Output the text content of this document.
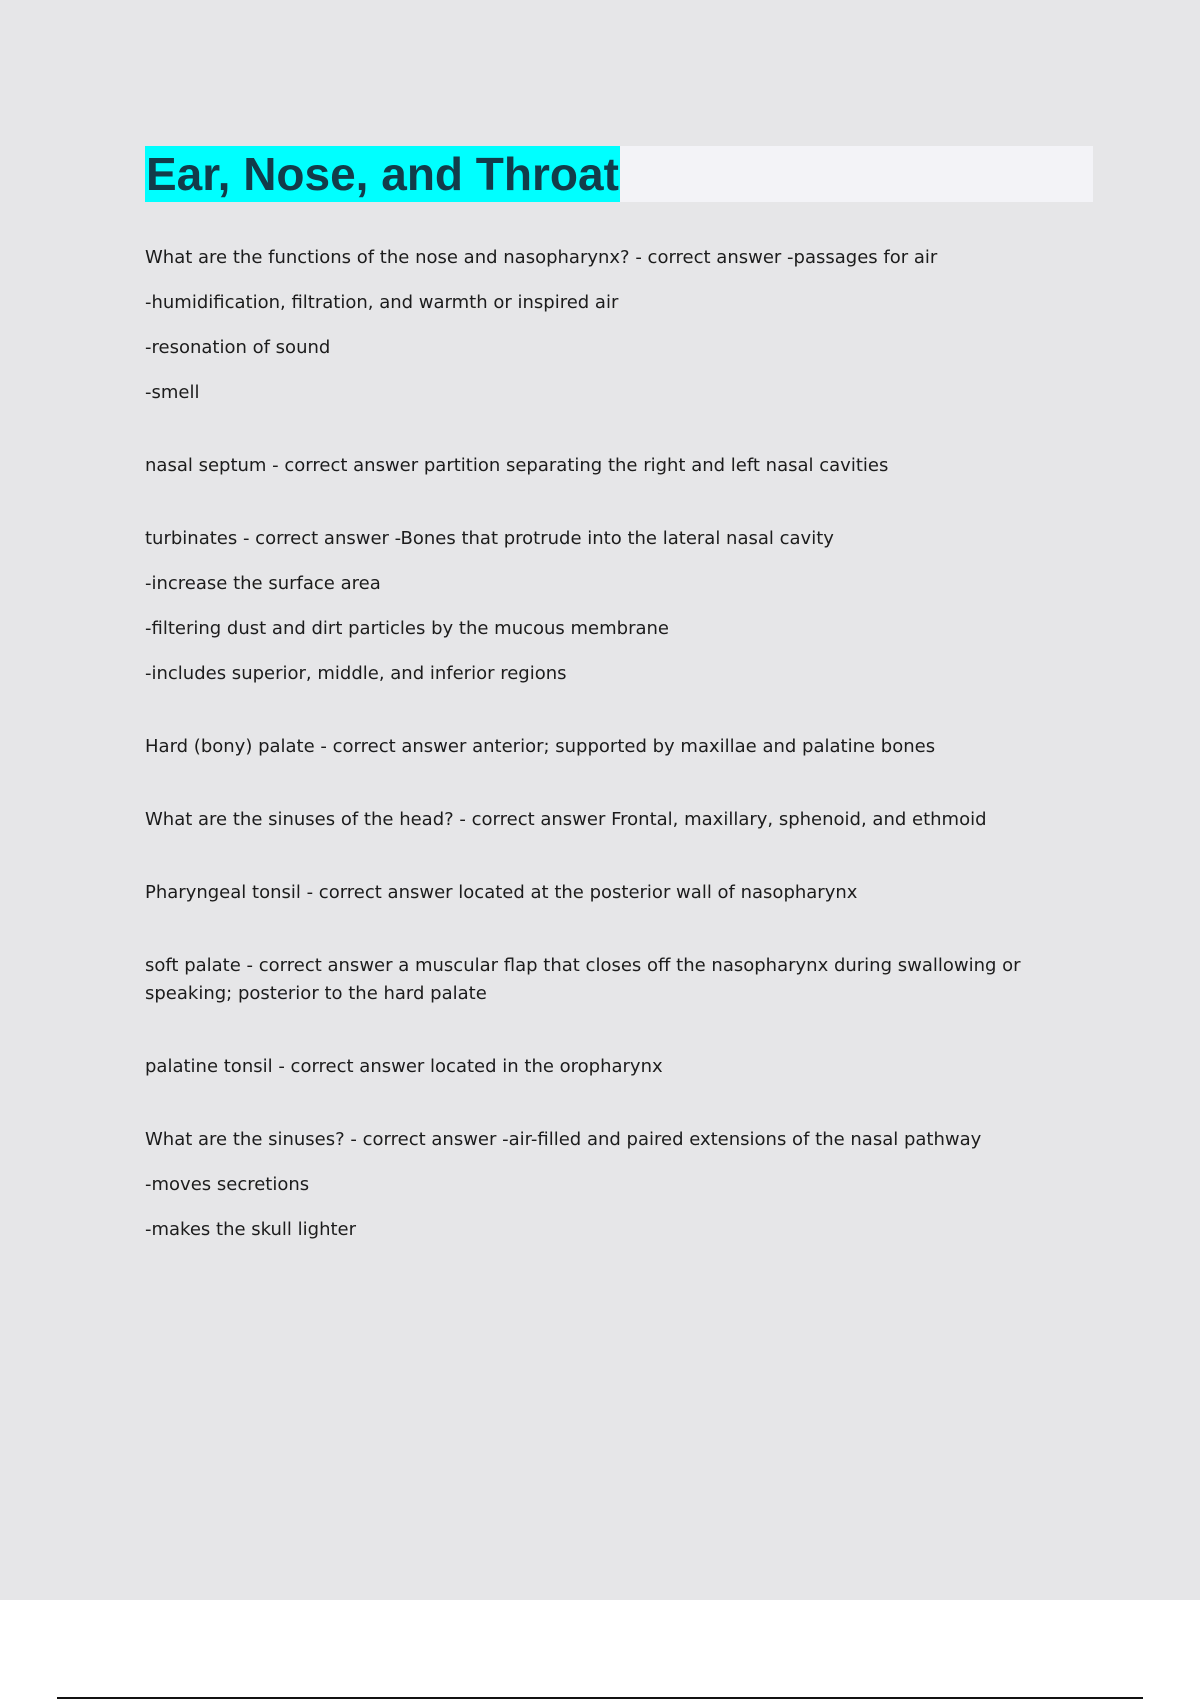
Ear, Nose, and Throat
What are the functions of the nose and nasopharynx? - correct answer -passages for air
-humidification, filtration, and warmth or inspired air
-resonation of sound
-smell
nasal septum - correct answer partition separating the right and left nasal cavities
turbinates - correct answer -Bones that protrude into the lateral nasal cavity
-increase the surface area
-filtering dust and dirt particles by the mucous membrane
-includes superior, middle, and inferior regions
Hard (bony) palate - correct answer anterior; supported by maxillae and palatine bones
What are the sinuses of the head? - correct answer Frontal, maxillary, sphenoid, and ethmoid
Pharyngeal tonsil - correct answer located at the posterior wall of nasopharynx
soft palate - correct answer a muscular flap that closes off the nasopharynx during swallowing or speaking; posterior to the hard palate
palatine tonsil - correct answer located in the oropharynx
What are the sinuses? - correct answer -air-filled and paired extensions of the nasal pathway
-moves secretions
-makes the skull lighter
